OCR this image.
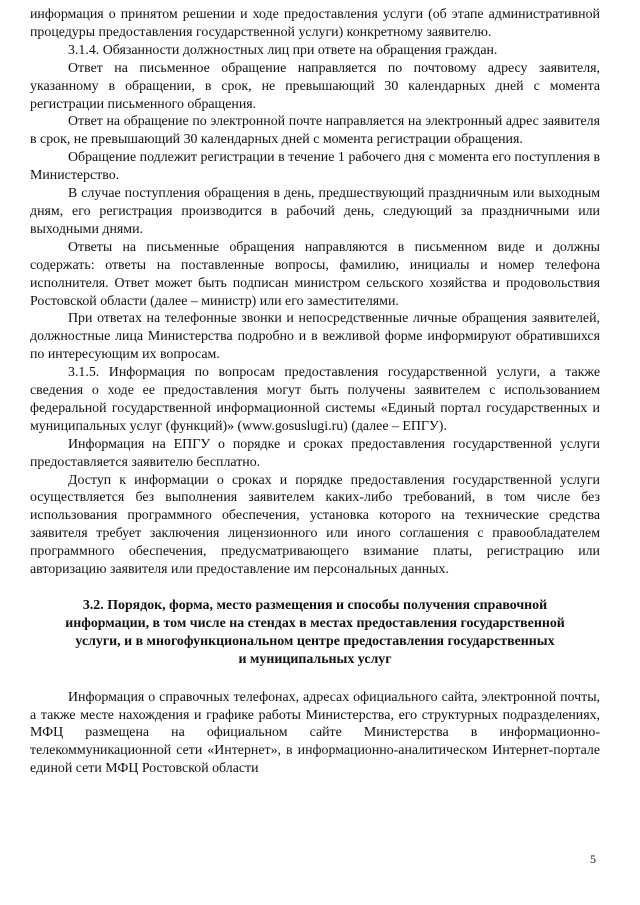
информация о принятом решении и ходе предоставления услуги (об этапе административной процедуры предоставления государственной услуги) конкретному заявителю.

3.1.4. Обязанности должностных лиц при ответе на обращения граждан.

Ответ на письменное обращение направляется по почтовому адресу заявителя, указанному в обращении, в срок, не превышающий 30 календарных дней с момента регистрации письменного обращения.

Ответ на обращение по электронной почте направляется на электронный адрес заявителя в срок, не превышающий 30 календарных дней с момента регистрации обращения.

Обращение подлежит регистрации в течение 1 рабочего дня с момента его поступления в Министерство.

В случае поступления обращения в день, предшествующий праздничным или выходным дням, его регистрация производится в рабочий день, следующий за праздничными или выходными днями.

Ответы на письменные обращения направляются в письменном виде и должны содержать: ответы на поставленные вопросы, фамилию, инициалы и номер телефона исполнителя. Ответ может быть подписан министром сельского хозяйства и продовольствия Ростовской области (далее – министр) или его заместителями.

При ответах на телефонные звонки и непосредственные личные обращения заявителей, должностные лица Министерства подробно и в вежливой форме информируют обратившихся по интересующим их вопросам.

3.1.5. Информация по вопросам предоставления государственной услуги, а также сведения о ходе ее предоставления могут быть получены заявителем с использованием федеральной государственной информационной системы «Единый портал государственных и муниципальных услуг (функций)» (www.gosuslugi.ru) (далее – ЕПГУ).

Информация на ЕПГУ о порядке и сроках предоставления государственной услуги предоставляется заявителю бесплатно.

Доступ к информации о сроках и порядке предоставления государственной услуги осуществляется без выполнения заявителем каких-либо требований, в том числе без использования программного обеспечения, установка которого на технические средства заявителя требует заключения лицензионного или иного соглашения с правообладателем программного обеспечения, предусматривающего взимание платы, регистрацию или авторизацию заявителя или предоставление им персональных данных.

3.2. Порядок, форма, место размещения и способы получения справочной
информации, в том числе на стендах в местах предоставления государственной
услуги, и в многофункциональном центре предоставления государственных
и муниципальных услуг

Информация о справочных телефонах, адресах официального сайта, электронной почты, а также месте нахождения и графике работы Министерства, его структурных подразделениях, МФЦ размещена на официальном сайте Министерства в информационно-телекоммуникационной сети «Интернет», в информационно-аналитическом Интернет-портале единой сети МФЦ Ростовской области

5
